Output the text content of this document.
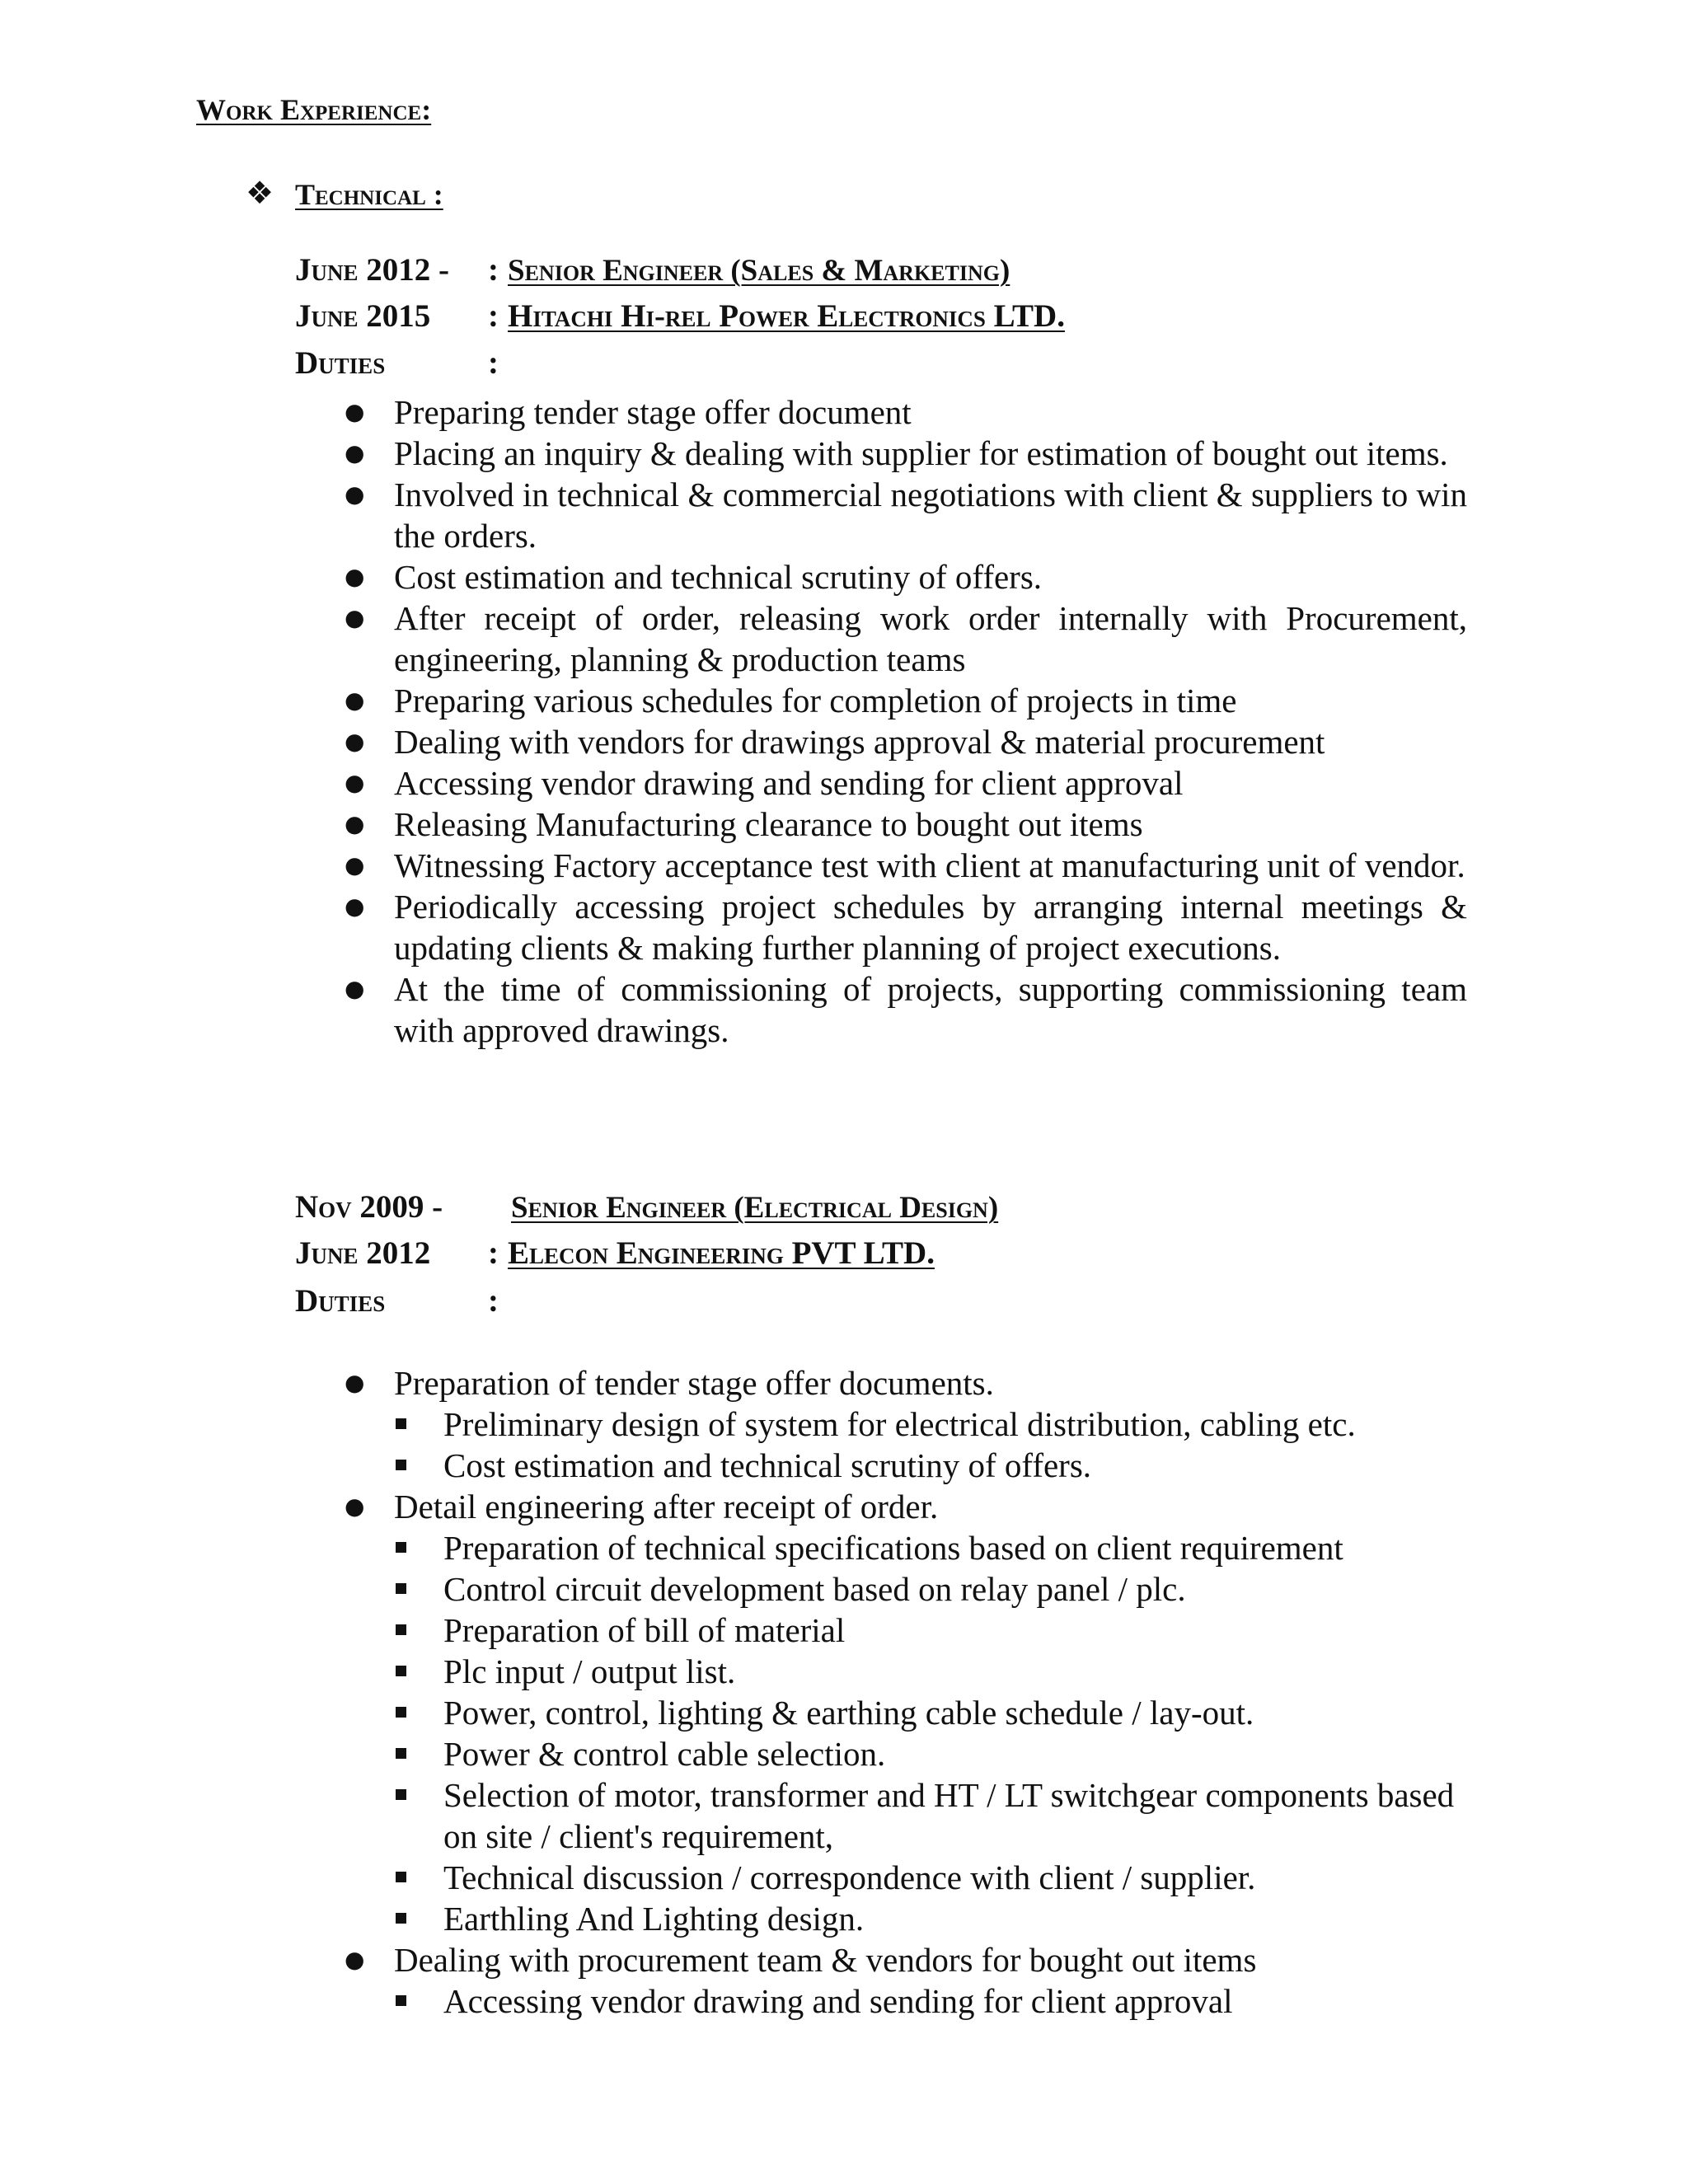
Work Experience:
❖ Technical :
June 2012 - : Senior Engineer (Sales & Marketing)
June 2015 : Hitachi Hi-rel Power Electronics LTD.
Duties	:
● Preparing tender stage offer document
● Placing an inquiry & dealing with supplier for estimation of bought out items.
● Involved in technical & commercial negotiations with client & suppliers to win the orders.
● Cost estimation and technical scrutiny of offers.
● After receipt of order, releasing work order internally with Procurement, engineering, planning & production teams
● Preparing various schedules for completion of projects in time
● Dealing with vendors for drawings approval & material procurement
● Accessing vendor drawing and sending for client approval
● Releasing Manufacturing clearance to bought out items
● Witnessing Factory acceptance test with client at manufacturing unit of vendor.
● Periodically accessing project schedules by arranging internal meetings & updating clients & making further planning of project executions.
● At the time of commissioning of projects, supporting commissioning team with approved drawings.
Nov 2009 - Senior Engineer (Electrical Design)
June 2012 : Elecon Engineering PVT LTD.
Duties	:
● Preparation of tender stage offer documents.
Preliminary design of system for electrical distribution, cabling etc.
Cost estimation and technical scrutiny of offers.
● Detail engineering after receipt of order.
Preparation of technical specifications based on client requirement
Control circuit development based on relay panel / plc.
Preparation of bill of material
Plc input / output list.
Power, control, lighting & earthing cable schedule / lay-out.
Power & control cable selection.
Selection of motor, transformer and HT / LT switchgear components based on site / client's requirement,
Technical discussion / correspondence with client / supplier.
Earthling And Lighting design.
● Dealing with procurement team & vendors for bought out items
Accessing vendor drawing and sending for client approval
